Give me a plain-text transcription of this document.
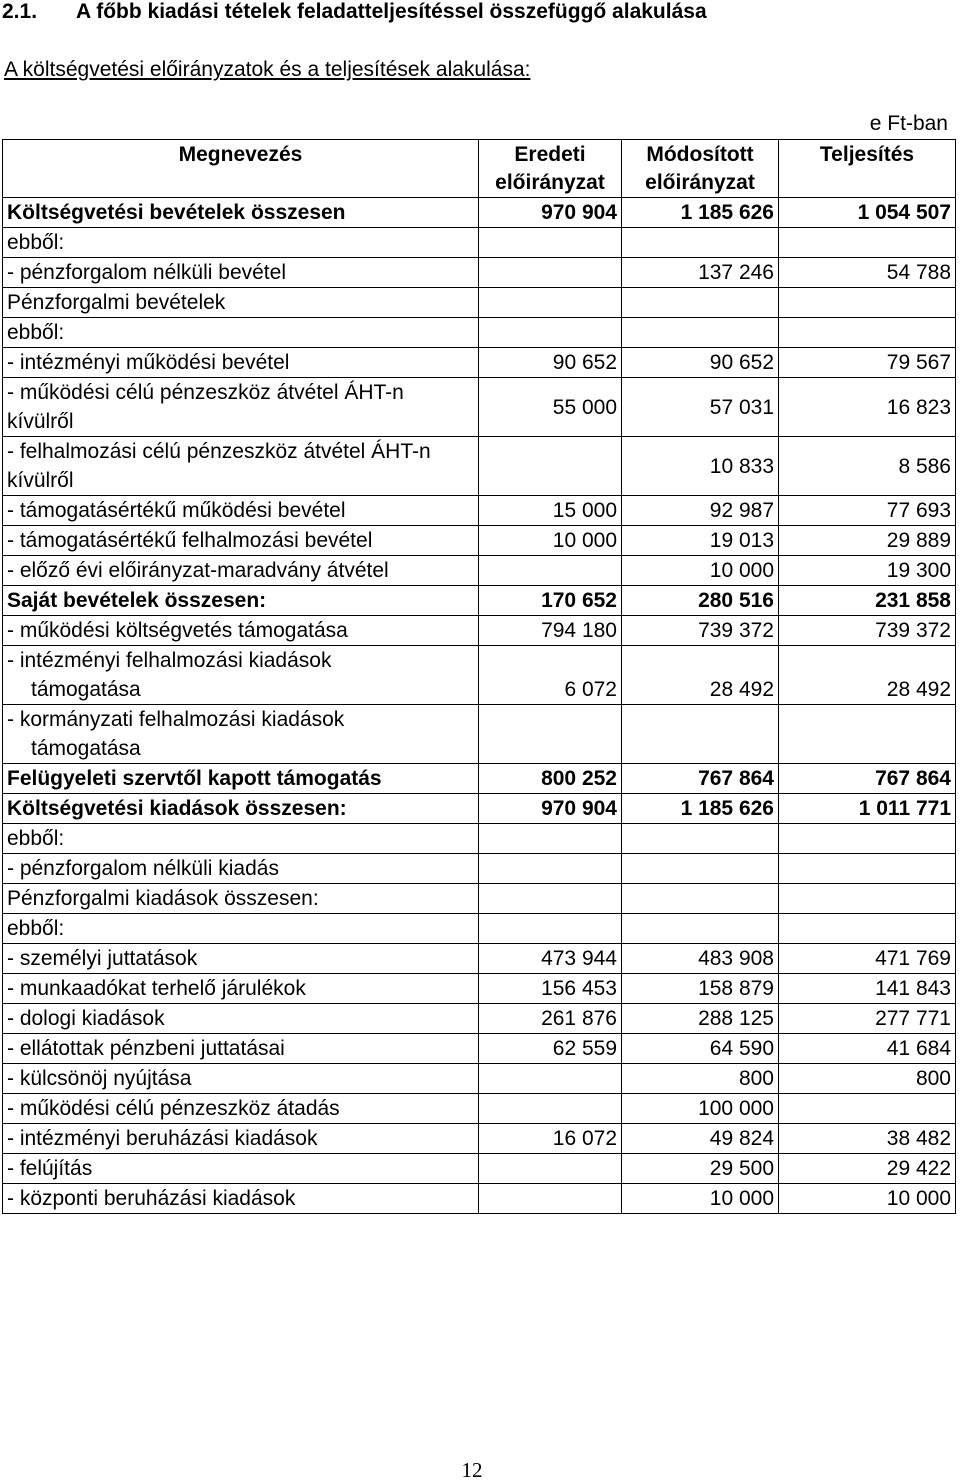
2.1. A főbb kiadási tételek feladatteljesítéssel összefüggő alakulása
A költségvetési előirányzatok és a teljesítések alakulása:
e Ft-ban
Megnevezés	Eredeti előirányzat	Módosított előirányzat	Teljesítés

Költségvetési bevételek összesen	970 904	1 185 626	1 054 507

ebből:			

- pénzforgalom nélküli bevétel		137 246	54 788

Pénzforgalmi bevételek			

ebből:			

- intézményi működési bevétel	90 652	90 652	79 567

- működési célú pénzeszköz átvétel ÁHT-n kívülről	55 000	57 031	16 823

- felhalmozási célú pénzeszköz átvétel ÁHT-n kívülről		10 833	8 586

- támogatásértékű működési bevétel	15 000	92 987	77 693

- támogatásértékű felhalmozási bevétel	10 000	19 013	29 889

- előző évi előirányzat-maradvány átvétel		10 000	19 300

Saját bevételek összesen:	170 652	280 516	231 858

- működési költségvetés támogatása	794 180	739 372	739 372

- intézményi felhalmozási kiadások
támogatása	6 072	28 492	28 492

- kormányzati felhalmozási kiadások
támogatása			

Felügyeleti szervtől kapott támogatás	800 252	767 864	767 864

Költségvetési kiadások összesen:	970 904	1 185 626	1 011 771

ebből:			

- pénzforgalom nélküli kiadás			

Pénzforgalmi kiadások összesen:			

ebből:			

- személyi juttatások	473 944	483 908	471 769

- munkaadókat terhelő járulékok	156 453	158 879	141 843

- dologi kiadások	261 876	288 125	277 771

- ellátottak pénzbeni juttatásai	62 559	64 590	41 684

- külcsönöj nyújtása		800	800

- működési célú pénzeszköz átadás		100 000	

- intézményi beruházási kiadások	16 072	49 824	38 482

- felújítás		29 500	29 422

- központi beruházási kiadások		10 000	10 000
12
